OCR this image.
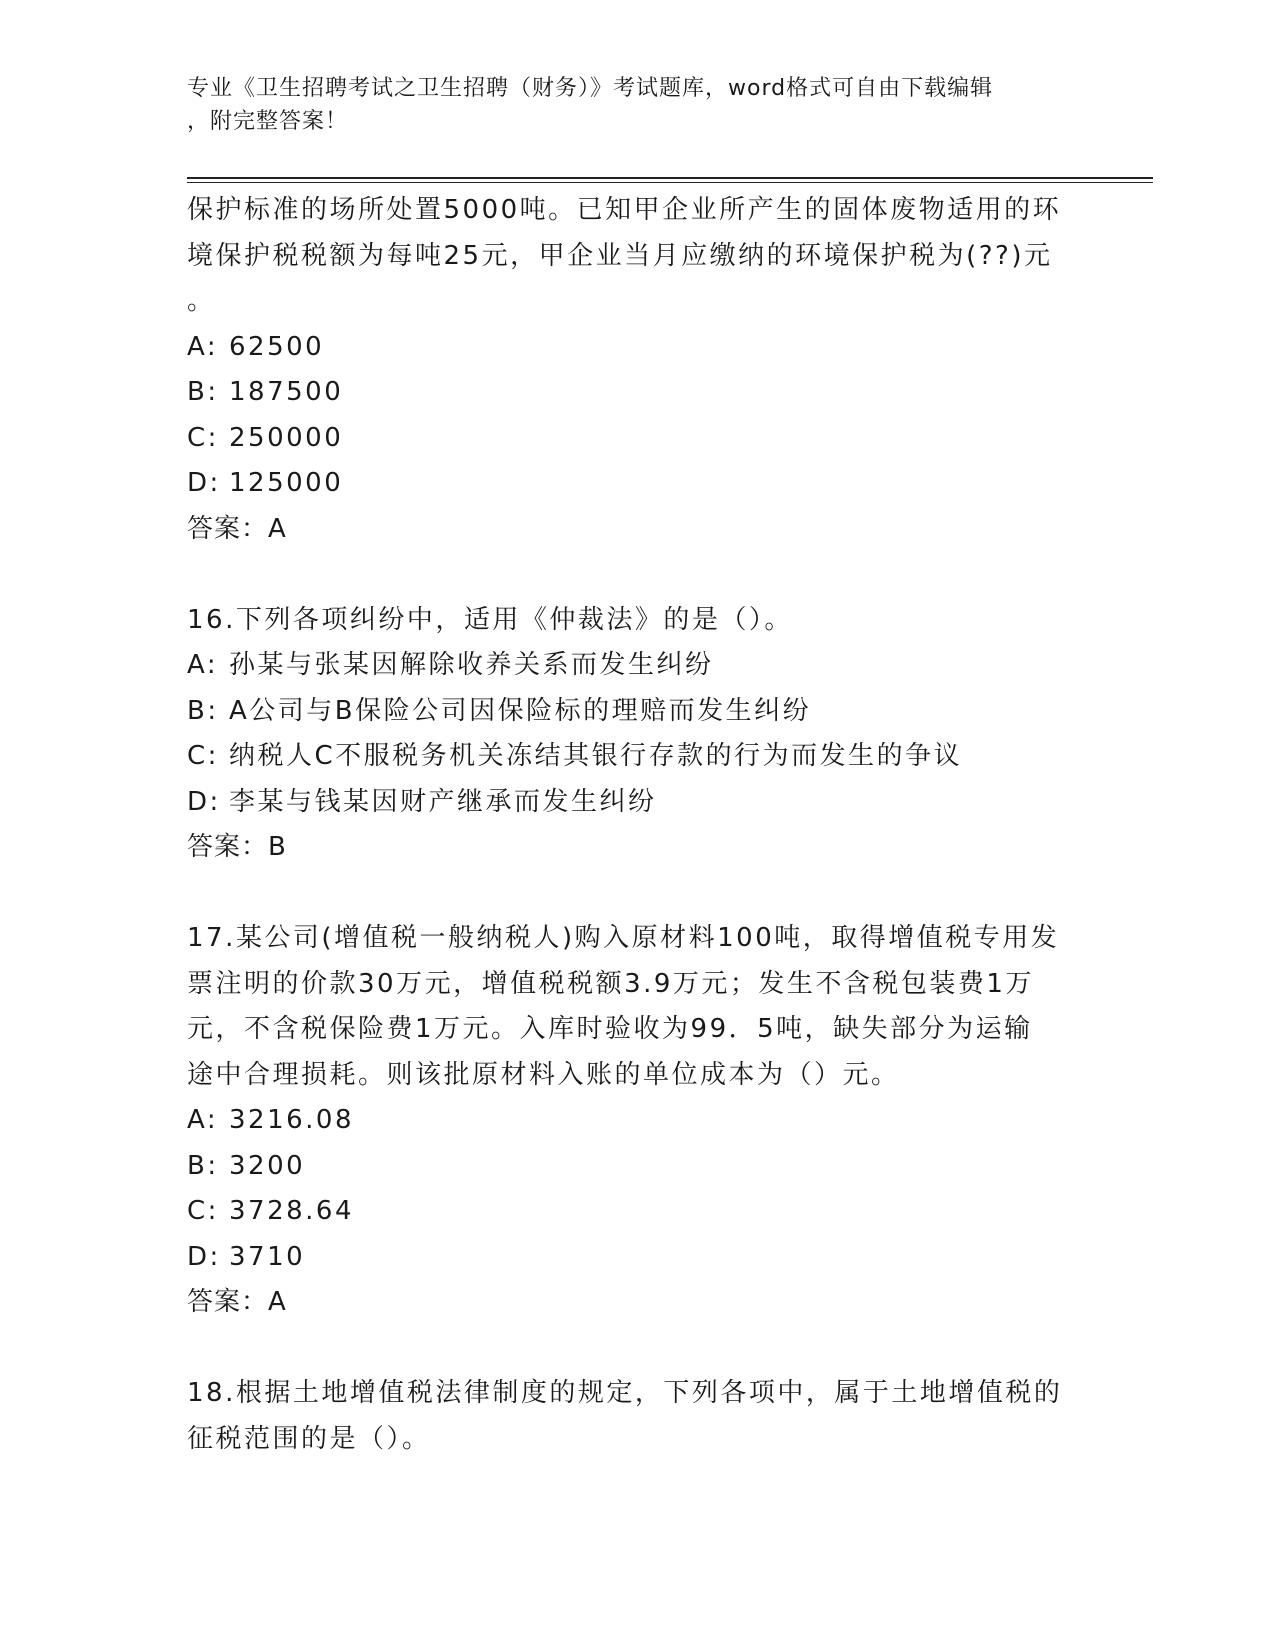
专业《卫生招聘考试之卫生招聘（财务）》考试题库，word格式可自由下载编辑
，附完整答案！
保护标准的场所处置5000吨。已知甲企业所产生的固体废物适用的环
境保护税税额为每吨25元，甲企业当月应缴纳的环境保护税为(??)元
。
A: 62500
B: 187500
C: 250000
D: 125000
答案：A
16.下列各项纠纷中，适用《仲裁法》的是（）。
A: 孙某与张某因解除收养关系而发生纠纷
B: A公司与B保险公司因保险标的理赔而发生纠纷
C: 纳税人C不服税务机关冻结其银行存款的行为而发生的争议
D: 李某与钱某因财产继承而发生纠纷
答案：B
17.某公司(增值税一般纳税人)购入原材料100吨，取得增值税专用发
票注明的价款30万元，增值税税额3.9万元；发生不含税包装费1万
元，不含税保险费1万元。入库时验收为99．5吨，缺失部分为运输
途中合理损耗。则该批原材料入账的单位成本为（）元。
A: 3216.08
B: 3200
C: 3728.64
D: 3710
答案：A
18.根据土地增值税法律制度的规定，下列各项中，属于土地增值税的
征税范围的是（）。
